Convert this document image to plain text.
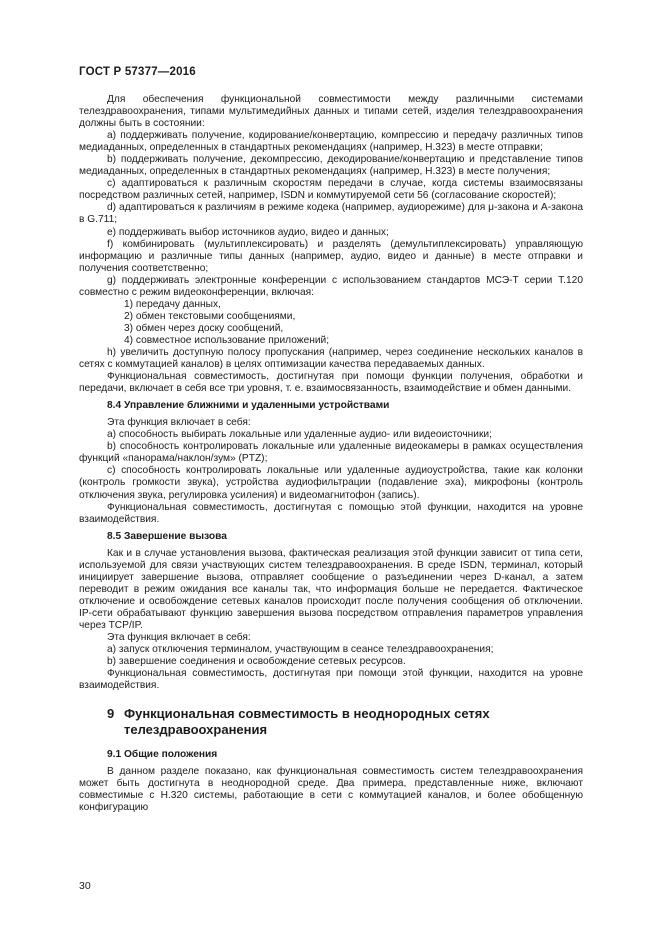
ГОСТ Р 57377—2016

Для обеспечения функциональной совместимости между различными системами телездравоохранения, типами мультимедийных данных и типами сетей, изделия телездравоохранения должны быть в состоянии:

a) поддерживать получение, кодирование/конвертацию, компрессию и передачу различных типов медиаданных, определенных в стандартных рекомендациях (например, H.323) в месте отправки;

b) поддерживать получение, декомпрессию, декодирование/конвертацию и представление типов медиаданных, определенных в стандартных рекомендациях (например, H.323) в месте получения;

c) адаптироваться к различным скоростям передачи в случае, когда системы взаимосвязаны посредством различных сетей, например, ISDN и коммутируемой сети 56 (согласование скоростей);

d) адаптироваться к различиям в режиме кодека (например, аудиорежиме) для μ-закона и А-закона в G.711;

e) поддерживать выбор источников аудио, видео и данных;

f) комбинировать (мультиплексировать) и разделять (демультиплексировать) управляющую информацию и различные типы данных (например, аудио, видео и данные) в месте отправки и получения соответственно;

g) поддерживать электронные конференции с использованием стандартов МСЭ-Т серии T.120 совместно с режим видеоконференции, включая:

1) передачу данных,

2) обмен текстовыми сообщениями,

3) обмен через доску сообщений,

4) совместное использование приложений;

h) увеличить доступную полосу пропускания (например, через соединение нескольких каналов в сетях с коммутацией каналов) в целях оптимизации качества передаваемых данных.

Функциональная совместимость, достигнутая при помощи функции получения, обработки и передачи, включает в себя все три уровня, т. е. взаимосвязанность, взаимодействие и обмен данными.

8.4 Управление ближними и удаленными устройствами

Эта функция включает в себя:

a) способность выбирать локальные или удаленные аудио- или видеоисточники;

b) способность контролировать локальные или удаленные видеокамеры в рамках осуществления функций «панорама/наклон/зум» (PTZ);

c) способность контролировать локальные или удаленные аудиоустройства, такие как колонки (контроль громкости звука), устройства аудиофильтрации (подавление эха), микрофоны (контроль отключения звука, регулировка усиления) и видеомагнитофон (запись).

Функциональная совместимость, достигнутая с помощью этой функции, находится на уровне взаимодействия.

8.5 Завершение вызова

Как и в случае установления вызова, фактическая реализация этой функции зависит от типа сети, используемой для связи участвующих систем телездравоохранения. В среде ISDN, терминал, который инициирует завершение вызова, отправляет сообщение о разъединении через D-канал, а затем переводит в режим ожидания все каналы так, что информация больше не передается. Фактическое отключение и освобождение сетевых каналов происходит после получения сообщения об отключении. IP-сети обрабатывают функцию завершения вызова посредством отправления параметров управления через TCP/IP.

Эта функция включает в себя:

a) запуск отключения терминалом, участвующим в сеансе телездравоохранения;

b) завершение соединения и освобождение сетевых ресурсов.

Функциональная совместимость, достигнутая при помощи этой функции, находится на уровне взаимодействия.

9 Функциональная совместимость в неоднородных сетях телездравоохранения

9.1 Общие положения

В данном разделе показано, как функциональная совместимость систем телездравоохранения может быть достигнута в неоднородной среде. Два примера, представленные ниже, включают совместимые с H.320 системы, работающие в сети с коммутацией каналов, и более обобщенную конфигурацию

30
